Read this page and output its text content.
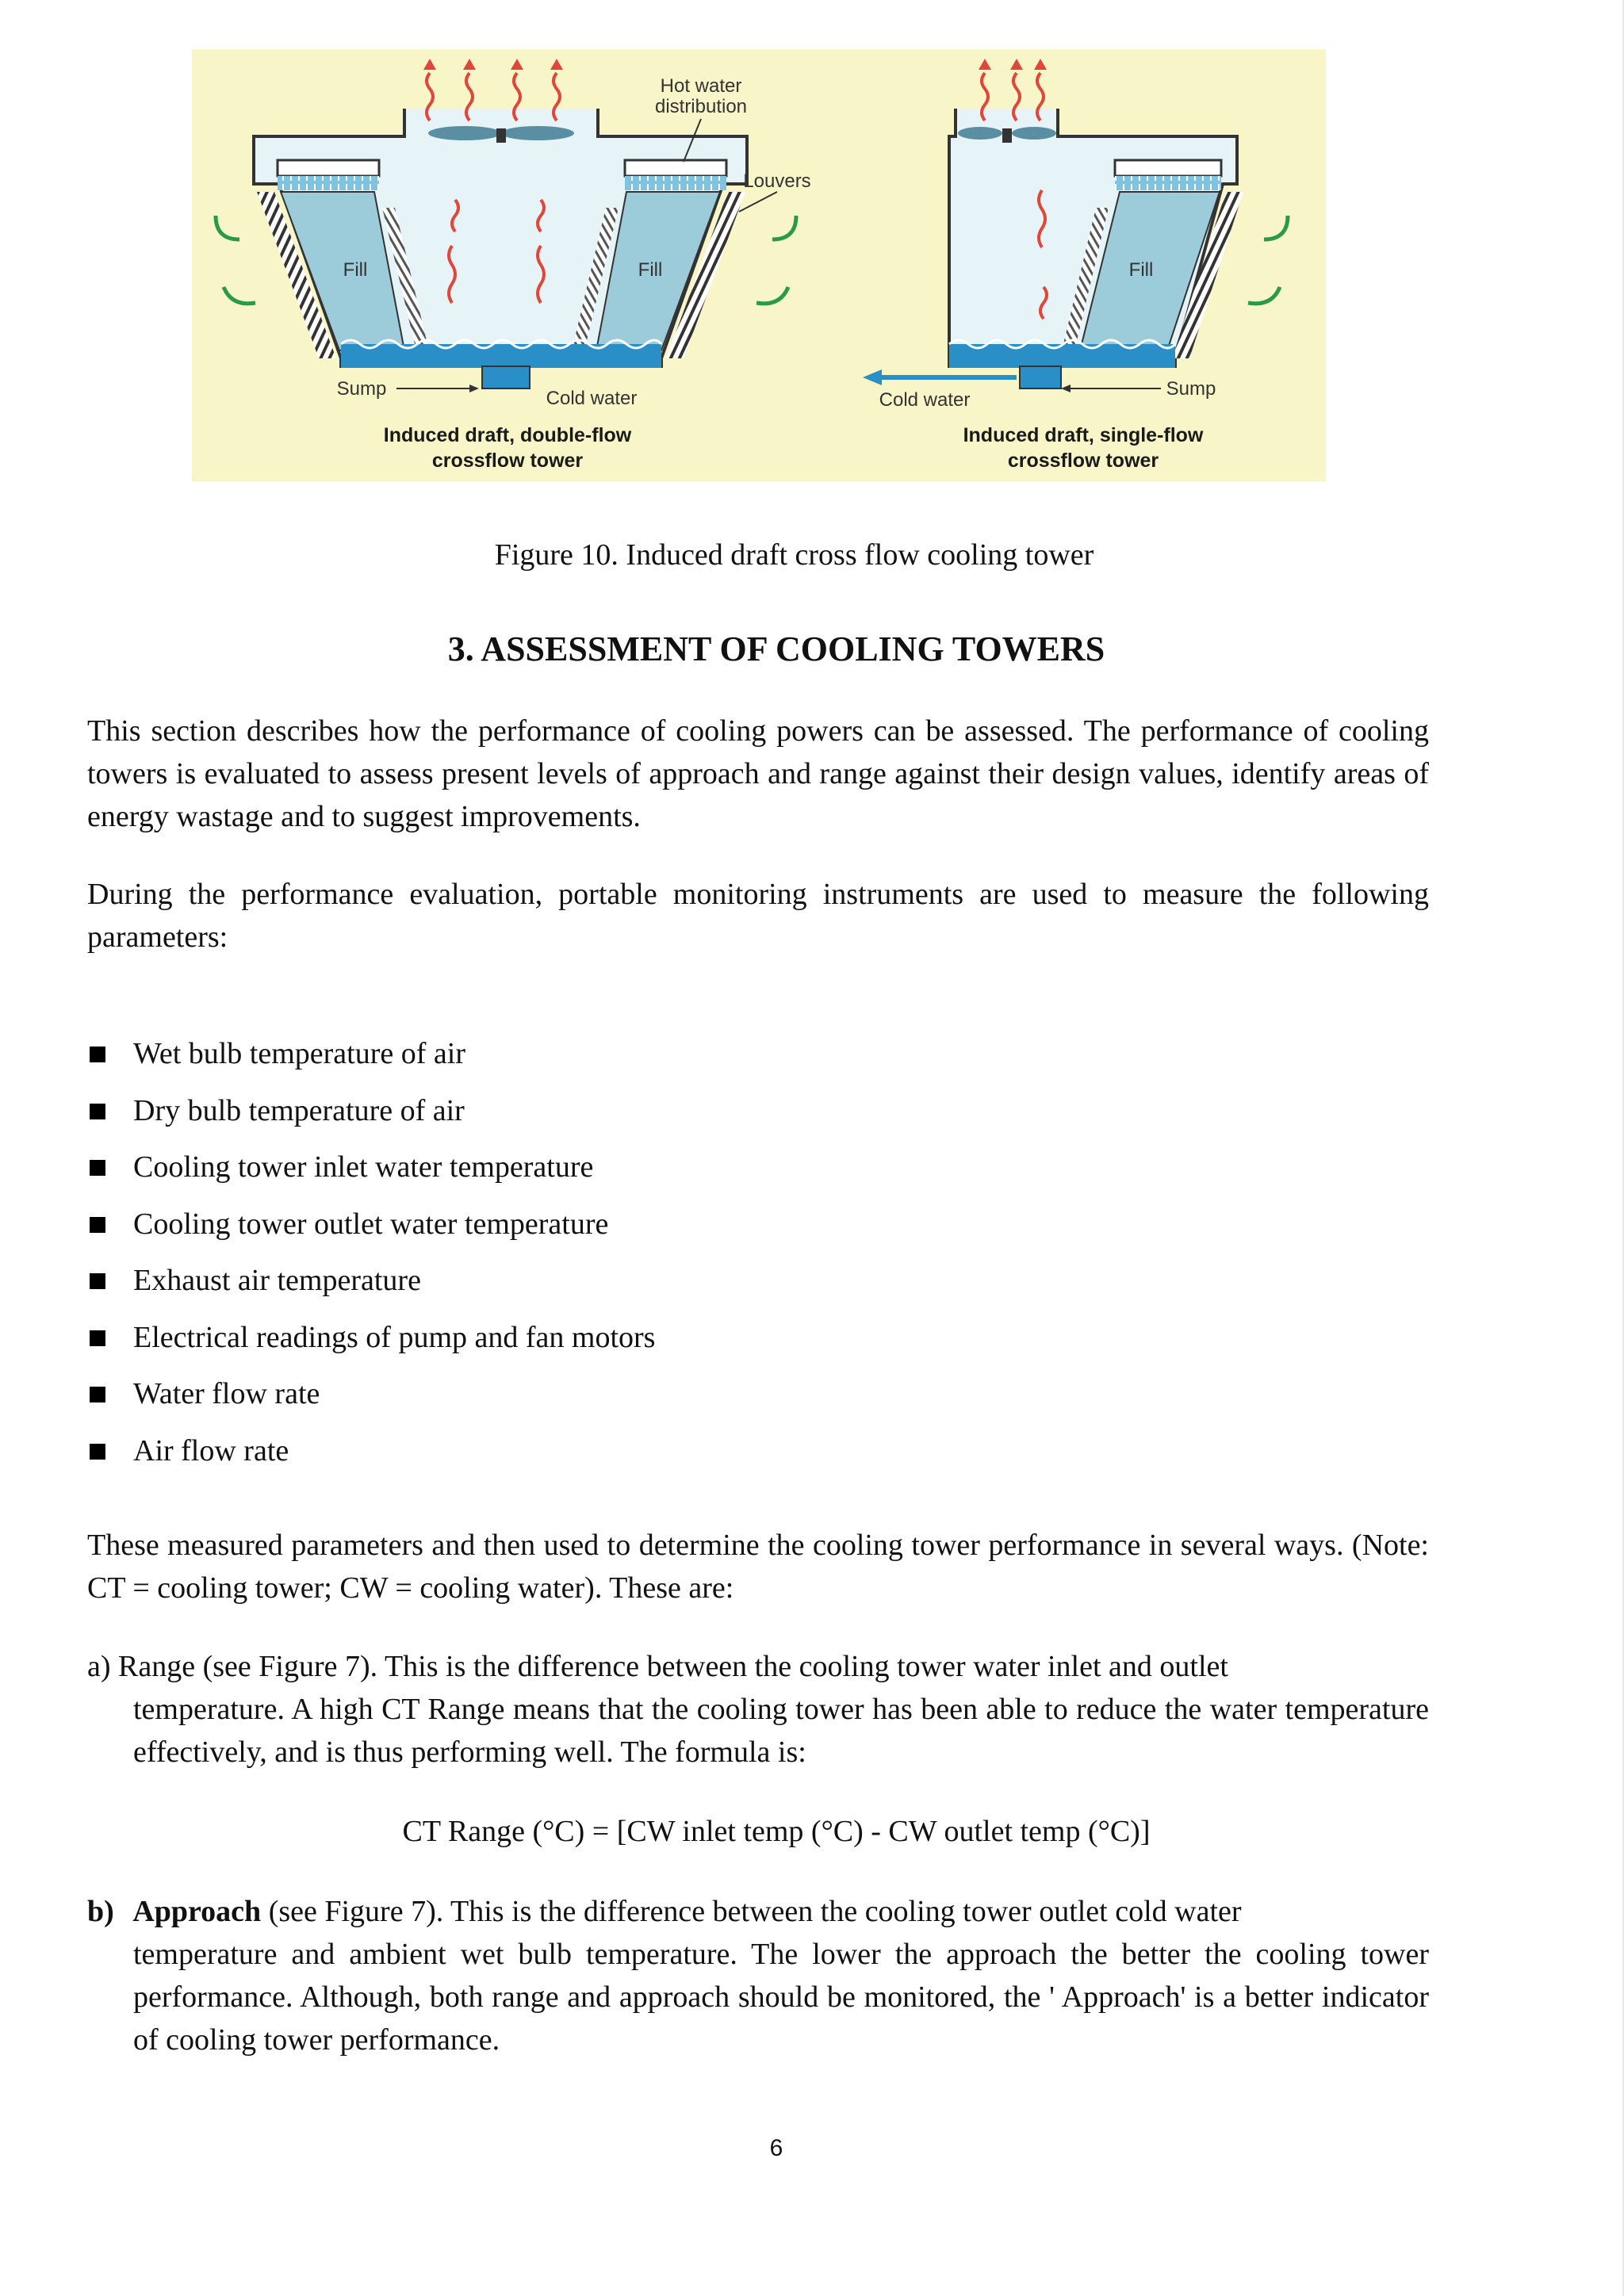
Hot water
distribution
Louvers
Fill	Fill	Fill
Sump	Cold water	Cold water
Sump
Induced draft, double-flow
crossflow tower
Induced draft, single-flow
crossflow tower
Figure 10. Induced draft cross flow cooling tower
3. ASSESSMENT OF COOLING TOWERS
This section describes how the performance of cooling powers can be assessed. The performance of cooling towers is evaluated to assess present levels of approach and range against their design values, identify areas of energy wastage and to suggest improvements.
During the performance evaluation, portable monitoring instruments are used to measure the following parameters:
Wet bulb temperature of air
Dry bulb temperature of air
Cooling tower inlet water temperature
Cooling tower outlet water temperature
Exhaust air temperature
Electrical readings of pump and fan motors
Water flow rate
Air flow rate
These measured parameters and then used to determine the cooling tower performance in several ways. (Note: CT = cooling tower; CW = cooling water). These are:
a) Range (see Figure 7). This is the difference between the cooling tower water inlet and outlet
temperature. A high CT Range means that the cooling tower has been able to reduce the water temperature effectively, and is thus performing well. The formula is:
CT Range (°C) = [CW inlet temp (°C) - CW outlet temp (°C)]
b) Approach (see Figure 7). This is the difference between the cooling tower outlet cold water
temperature and ambient wet bulb temperature. The lower the approach the better the cooling tower performance. Although, both range and approach should be monitored, the ' Approach' is a better indicator of cooling tower performance.
6
